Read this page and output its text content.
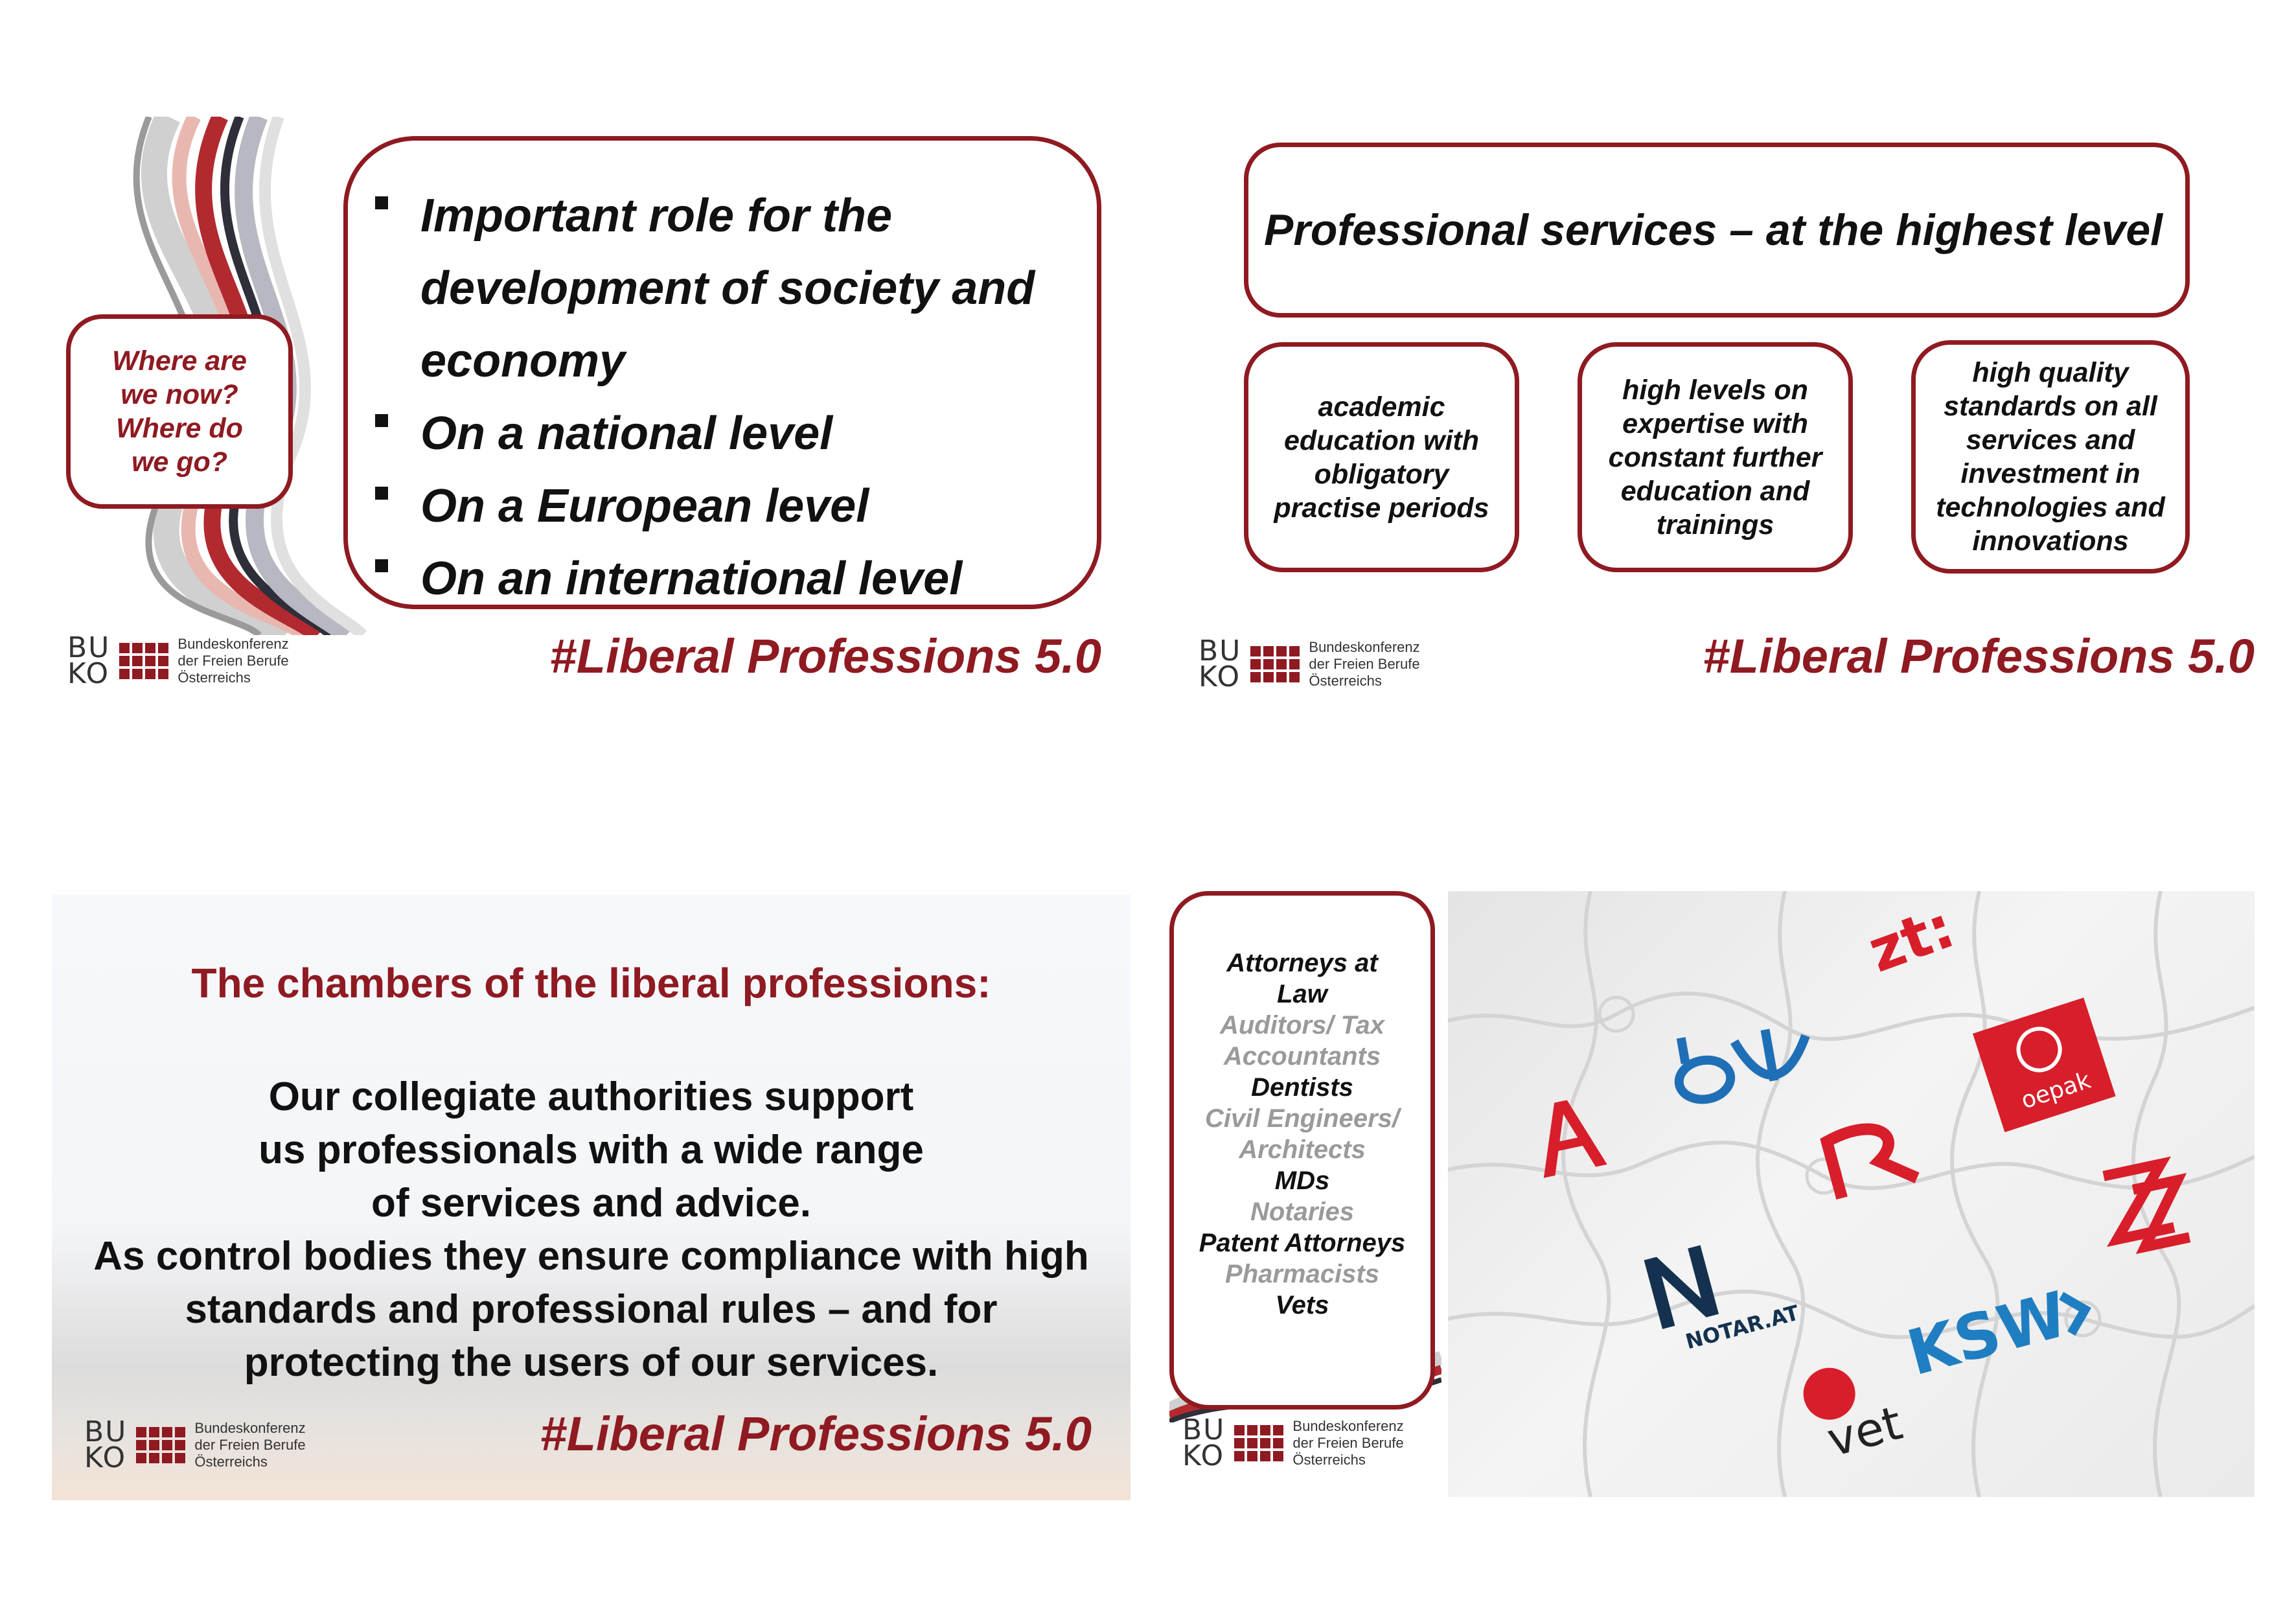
Where are we now? Where do we go?
Important role for the development of society and economy
On a national level
On a European level
On an international level
BU
KO
Bundeskonferenz
der Freien Berufe
Österreichs	#Liberal Professions 5.0
Professional services – at the highest level
academic education with obligatory practise periods
high levels on expertise with constant further education and trainings
high quality standards on all services and investment in technologies and innovations
BU
KO
Bundeskonferenz
der Freien Berufe
Österreichs	#Liberal Professions 5.0
The chambers of the liberal professions:
Our collegiate authorities support us professionals with a wide range of services and advice.
As control bodies they ensure compliance with high standards and professional rules – and for protecting the users of our services.
BU
KO
Bundeskonferenz
der Freien Berufe
Österreichs
#Liberal Professions 5.0
Attorneys at Law
Auditors/ Tax Accountants
Dentists
Civil Engineers/ Architects
MDs
Notaries
Patent Attorneys
Pharmacists
Vets
BU
KO
Bundeskonferenz
der Freien Berufe
Österreichs
zt:
oepak
NOTAR.AT KSW
vet
